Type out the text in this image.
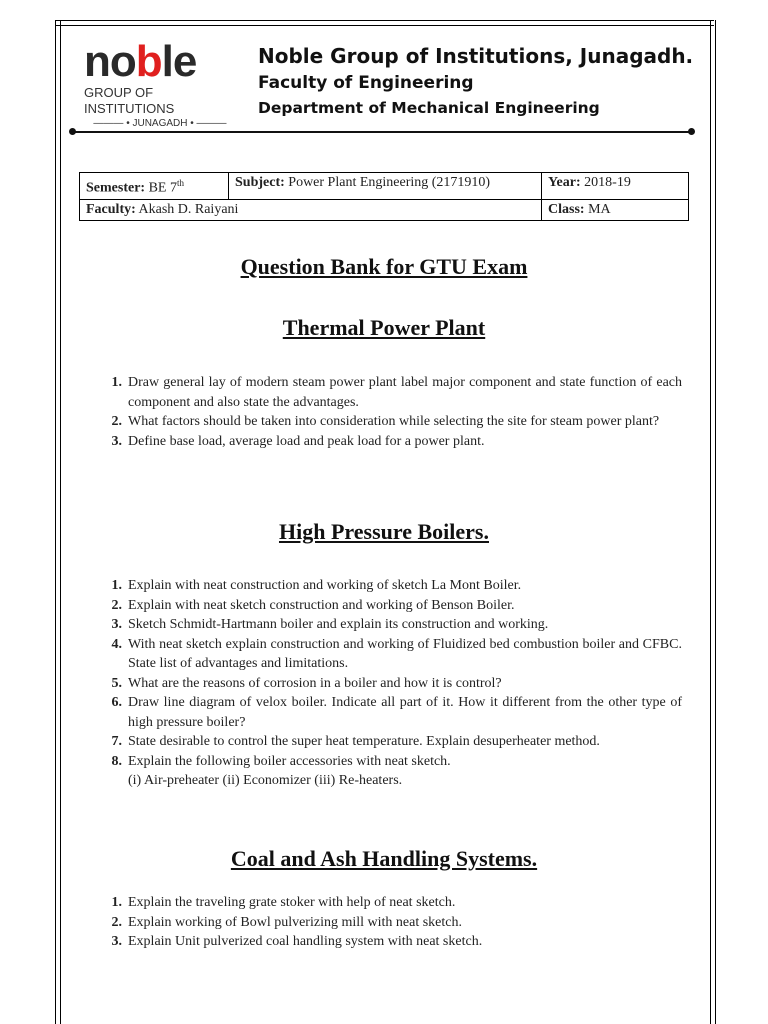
noble
GROUP OF INSTITUTIONS
——— • JUNAGADH • ———
Noble Group of Institutions, Junagadh.
Faculty of Engineering
Department of Mechanical Engineering
Semester: BE 7th	Subject: Power Plant Engineering (2171910)	Year: 2018-19
Faculty: Akash D. Raiyani		Class: MA
Question Bank for GTU Exam
Thermal Power Plant
1. Draw general lay of modern steam power plant label major component and state function of each component and also state the advantages.
2. What factors should be taken into consideration while selecting the site for steam power plant?
3. Define base load, average load and peak load for a power plant.
High Pressure Boilers.
1. Explain with neat construction and working of sketch La Mont Boiler.
2. Explain with neat sketch construction and working of Benson Boiler.
3. Sketch Schmidt-Hartmann boiler and explain its construction and working.
4. With neat sketch explain construction and working of Fluidized bed combustion boiler and CFBC. State list of advantages and limitations.
5. What are the reasons of corrosion in a boiler and how it is control?
6. Draw line diagram of velox boiler. Indicate all part of it. How it different from the other type of high pressure boiler?
7. State desirable to control the super heat temperature. Explain desuperheater method.
8. Explain the following boiler accessories with neat sketch.
(i) Air-preheater (ii) Economizer (iii) Re-heaters.
Coal and Ash Handling Systems.
1. Explain the traveling grate stoker with help of neat sketch.
2. Explain working of Bowl pulverizing mill with neat sketch.
3. Explain Unit pulverized coal handling system with neat sketch.
